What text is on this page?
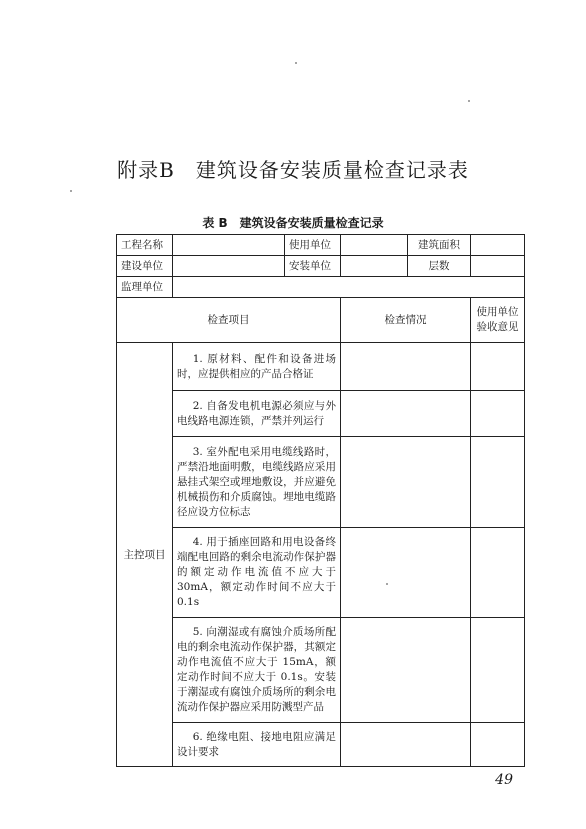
附录B　建筑设备安装质量检查记录表
表 B　建筑设备安装质量检查记录
工程名称		使用单位		建筑面积	
建设单位		安装单位		层数	
监理单位					
检查项目			检查情况		使用单位
验收意见

主控项目	1. 原材料、配件和设备进场时，应提供相应的产品合格证				
	2. 自备发电机电源必须应与外电线路电源连锁，严禁并列运行				
	3. 室外配电采用电缆线路时，严禁沿地面明敷，电缆线路应采用悬挂式架空或埋地敷设，并应避免机械损伤和介质腐蚀。埋地电缆路径应设方位标志				
	4. 用于插座回路和用电设备终端配电回路的剩余电流动作保护器的额定动作电流值不应大于 30mA，额定动作时间不应大于 0.1s				
	5. 向潮湿或有腐蚀介质场所配电的剩余电流动作保护器，其额定动作电流值不应大于 15mA，额定动作时间不应大于 0.1s。安装于潮湿或有腐蚀介质场所的剩余电流动作保护器应采用防溅型产品				
	6. 绝缘电阻、接地电阻应满足设计要求				
49
